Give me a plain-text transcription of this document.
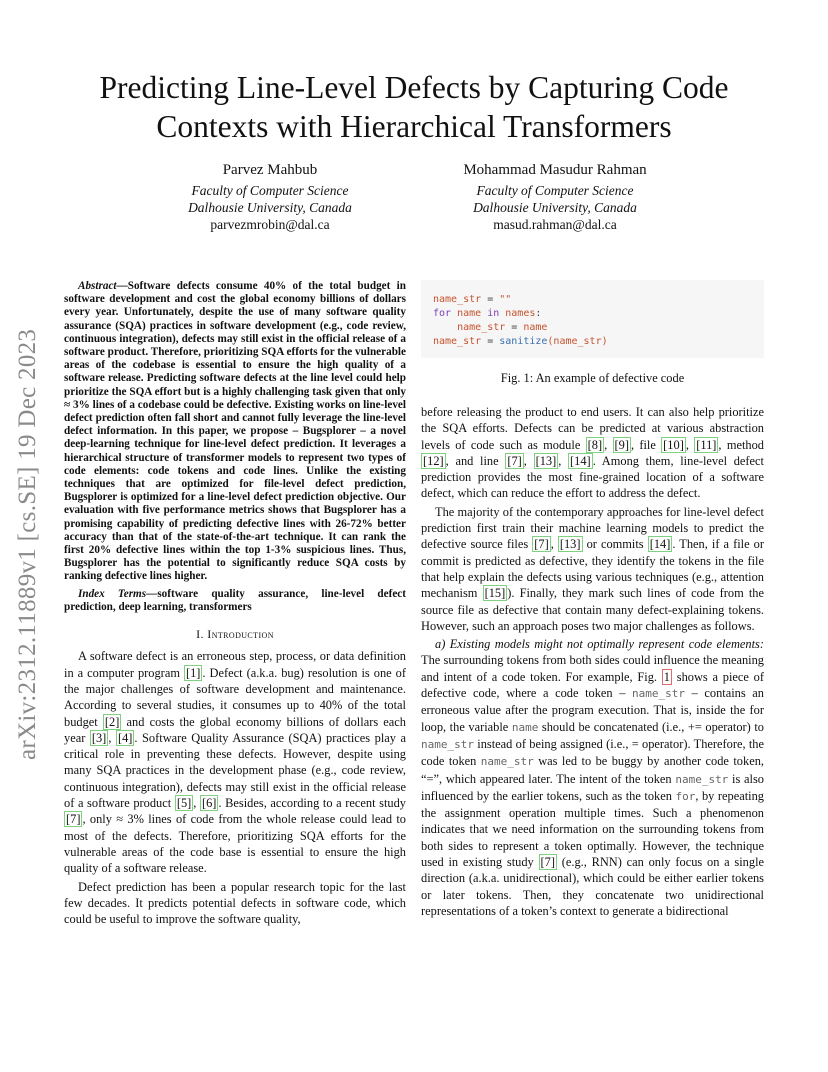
arXiv:2312.11889v1 [cs.SE] 19 Dec 2023
Predicting Line-Level Defects by Capturing Code Contexts with Hierarchical Transformers
Parvez Mahbub
Faculty of Computer Science
Dalhousie University, Canada
parvezmrobin@dal.ca
Mohammad Masudur Rahman
Faculty of Computer Science
Dalhousie University, Canada
masud.rahman@dal.ca

Abstract—Software defects consume 40% of the total budget in software development and cost the global economy billions of dollars every year. Unfortunately, despite the use of many software quality assurance (SQA) practices in software development (e.g., code review, continuous integration), defects may still exist in the official release of a software product. Therefore, prioritizing SQA efforts for the vulnerable areas of the codebase is essential to ensure the high quality of a software release. Predicting software defects at the line level could help prioritize the SQA effort but is a highly challenging task given that only ≈ 3% lines of a codebase could be defective. Existing works on line-level defect prediction often fall short and cannot fully leverage the line-level defect information. In this paper, we propose – Bugsplorer – a novel deep-learning technique for line-level defect prediction. It leverages a hierarchical structure of transformer models to represent two types of code elements: code tokens and code lines. Unlike the existing techniques that are optimized for file-level defect prediction, Bugsplorer is optimized for a line-level defect prediction objective. Our evaluation with five performance metrics shows that Bugsplorer has a promising capability of predicting defective lines with 26-72% better accuracy than that of the state-of-the-art technique. It can rank the first 20% defective lines within the top 1-3% suspicious lines. Thus, Bugsplorer has the potential to significantly reduce SQA costs by ranking defective lines higher.

Index Terms—software quality assurance, line-level defect prediction, deep learning, transformers

I. Introduction

A software defect is an erroneous step, process, or data definition in a computer program [1] . Defect (a.k.a. bug) resolution is one of the major challenges of software development and maintenance. According to several studies, it consumes up to 40% of the total budget [2] and costs the global economy billions of dollars each year [3] , [4] . Software Quality Assurance (SQA) practices play a critical role in preventing these defects. However, despite using many SQA practices in the development phase (e.g., code review, continuous integration), defects may still exist in the official release of a software product [5] , [6] . Besides, according to a recent study [7] , only ≈ 3% lines of code from the whole release could lead to most of the defects. Therefore, prioritizing SQA efforts for the vulnerable areas of the code base is essential to ensure the high quality of a software release.

Defect prediction has been a popular research topic for the last few decades. It predicts potential defects in software code, which could be useful to improve the software quality,

name_str = ""
for name in names:
name_str = name
name_str = sanitize(name_str)
Fig. 1: An example of defective code

before releasing the product to end users. It can also help prioritize the SQA efforts. Defects can be predicted at various abstraction levels of code such as module [8] , [9] , file [10] , [11] , method [12] , and line [7] , [13] , [14] . Among them, line-level defect prediction provides the most fine-grained location of a software defect, which can reduce the effort to address the defect.

The majority of the contemporary approaches for line-level defect prediction first train their machine learning models to predict the defective source files [7] , [13] or commits [14] . Then, if a file or commit is predicted as defective, they identify the tokens in the file that help explain the defects using various techniques (e.g., attention mechanism [15] ). Finally, they mark such lines of code from the source file as defective that contain many defect-explaining tokens. However, such an approach poses two major challenges as follows.

a) Existing models might not optimally represent code elements: The surrounding tokens from both sides could influence the meaning and intent of a code token. For example, Fig. 1 shows a piece of defective code, where a code token – name_str – contains an erroneous value after the program execution. That is, inside the for loop, the variable name should be concatenated (i.e., += operator) to name_str instead of being assigned (i.e., = operator). Therefore, the code token name_str was led to be buggy by another code token, “=”, which appeared later. The intent of the token name_str is also influenced by the earlier tokens, such as the token for, by repeating the assignment operation multiple times. Such a phenomenon indicates that we need information on the surrounding tokens from both sides to represent a token optimally. However, the technique used in existing study [7] (e.g., RNN) can only focus on a single direction (a.k.a. unidirectional), which could be either earlier tokens or later tokens. Then, they concatenate two unidirectional representations of a token’s context to generate a bidirectional
